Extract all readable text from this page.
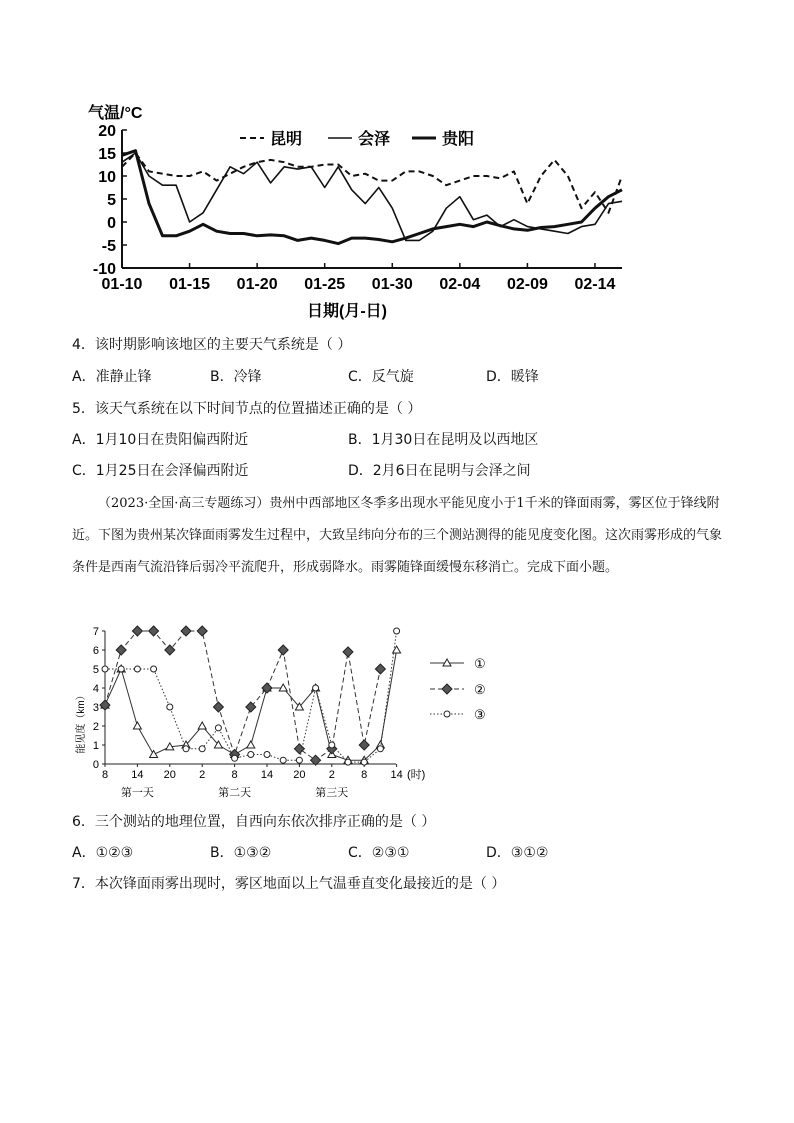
20
15
10
5
0
-5
-10
01-10 01-15 01-20 01-25 01-30 02-04 02-09 02-14
气温/°C
日期(月-日)
昆明	会泽	贵阳
4．该时期影响该地区的主要天气系统是（ ）
A．准静止锋	B．冷锋	C．反气旋	D．暖锋
5．该天气系统在以下时间节点的位置描述正确的是（ ）
A．1月10日在贵阳偏西附近	B．1月30日在昆明及以西地区
C．1月25日在会泽偏西附近	D．2月6日在昆明与会泽之间
（2023·全国·高三专题练习）贵州中西部地区冬季多出现水平能见度小于1千米的锋面雨雾，雾区位于锋线附近。下图为贵州某次锋面雨雾发生过程中，大致呈纬向分布的三个测站测得的能见度变化图。这次雨雾形成的气象条件是西南气流沿锋后弱冷平流爬升，形成弱降水。雨雾随锋面缓慢东移消亡。完成下面小题。
7
6
5
4
3
2
1
0
8 14 20 2 8 14 20 2 8 14
第一天	第二天	第三天
能见度（km）
(时)
①
②
③
6．三个测站的地理位置，自西向东依次排序正确的是（ ）
A．①②③	B．①③②	C．②③①	D．③①②
7．本次锋面雨雾出现时，雾区地面以上气温垂直变化最接近的是（ ）
